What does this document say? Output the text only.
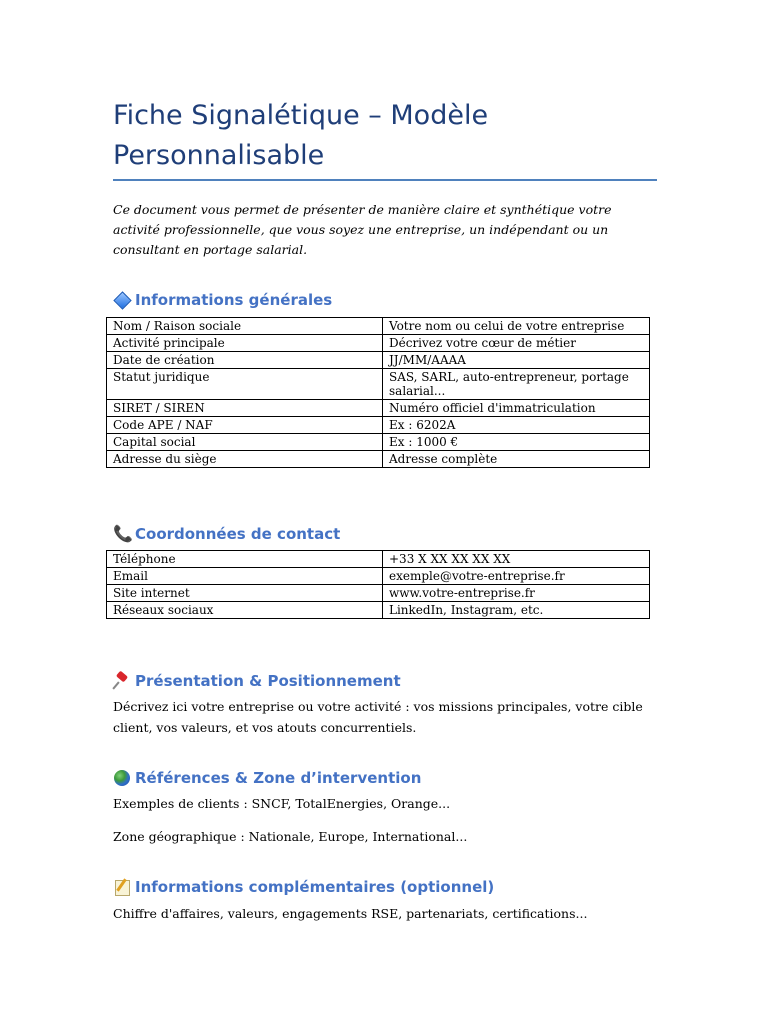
Fiche Signalétique – Modèle Personnalisable

Ce document vous permet de présenter de manière claire et synthétique votre activité professionnelle, que vous soyez une entreprise, un indépendant ou un consultant en portage salarial.

Informations générales
Nom / Raison sociale	Votre nom ou celui de votre entreprise
Activité principale	Décrivez votre cœur de métier
Date de création	JJ/MM/AAAA
Statut juridique	SAS, SARL, auto-entrepreneur, portage salarial...
SIRET / SIREN	Numéro officiel d'immatriculation
Code APE / NAF	Ex : 6202A
Capital social	Ex : 1000 €
Adresse du siège	Adresse complète
📞 Coordonnées de contact
Téléphone	+33 X XX XX XX XX
Email	exemple@votre-entreprise.fr
Site internet	www.votre-entreprise.fr
Réseaux sociaux	LinkedIn, Instagram, etc.
Présentation & Positionnement

Décrivez ici votre entreprise ou votre activité : vos missions principales, votre cible client, vos valeurs, et vos atouts concurrentiels.

Références & Zone d’intervention

Exemples de clients : SNCF, TotalEnergies, Orange...

Zone géographique : Nationale, Europe, International...

Informations complémentaires (optionnel)

Chiffre d'affaires, valeurs, engagements RSE, partenariats, certifications...
